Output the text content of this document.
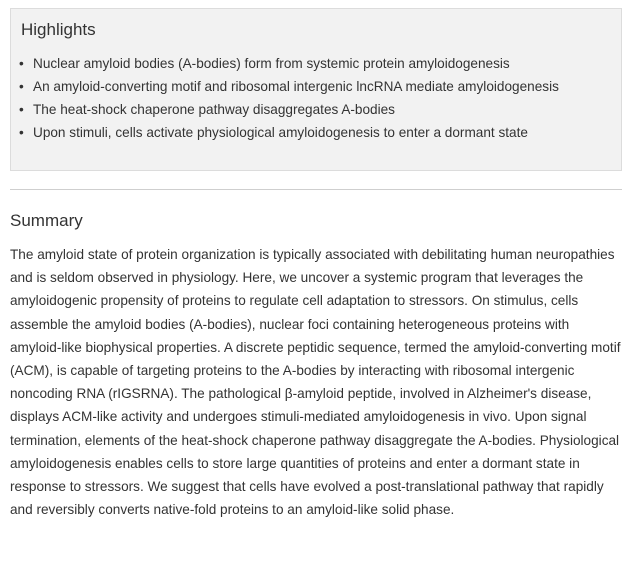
Highlights
• Nuclear amyloid bodies (A-bodies) form from systemic protein amyloidogenesis
• An amyloid-converting motif and ribosomal intergenic lncRNA mediate amyloidogenesis
• The heat-shock chaperone pathway disaggregates A-bodies
• Upon stimuli, cells activate physiological amyloidogenesis to enter a dormant state
Summary

The amyloid state of protein organization is typically associated with debilitating human neuropathies and is seldom observed in physiology. Here, we uncover a systemic program that leverages the amyloidogenic propensity of proteins to regulate cell adaptation to stressors. On stimulus, cells assemble the amyloid bodies (A-bodies), nuclear foci containing heterogeneous proteins with amyloid-like biophysical properties. A discrete peptidic sequence, termed the amyloid-converting motif (ACM), is capable of targeting proteins to the A-bodies by interacting with ribosomal intergenic noncoding RNA (rIGSRNA). The pathological β-amyloid peptide, involved in Alzheimer's disease, displays ACM-like activity and undergoes stimuli-mediated amyloidogenesis in vivo. Upon signal termination, elements of the heat-shock chaperone pathway disaggregate the A-bodies. Physiological amyloidogenesis enables cells to store large quantities of proteins and enter a dormant state in response to stressors. We suggest that cells have evolved a post-translational pathway that rapidly and reversibly converts native-fold proteins to an amyloid-like solid phase.
